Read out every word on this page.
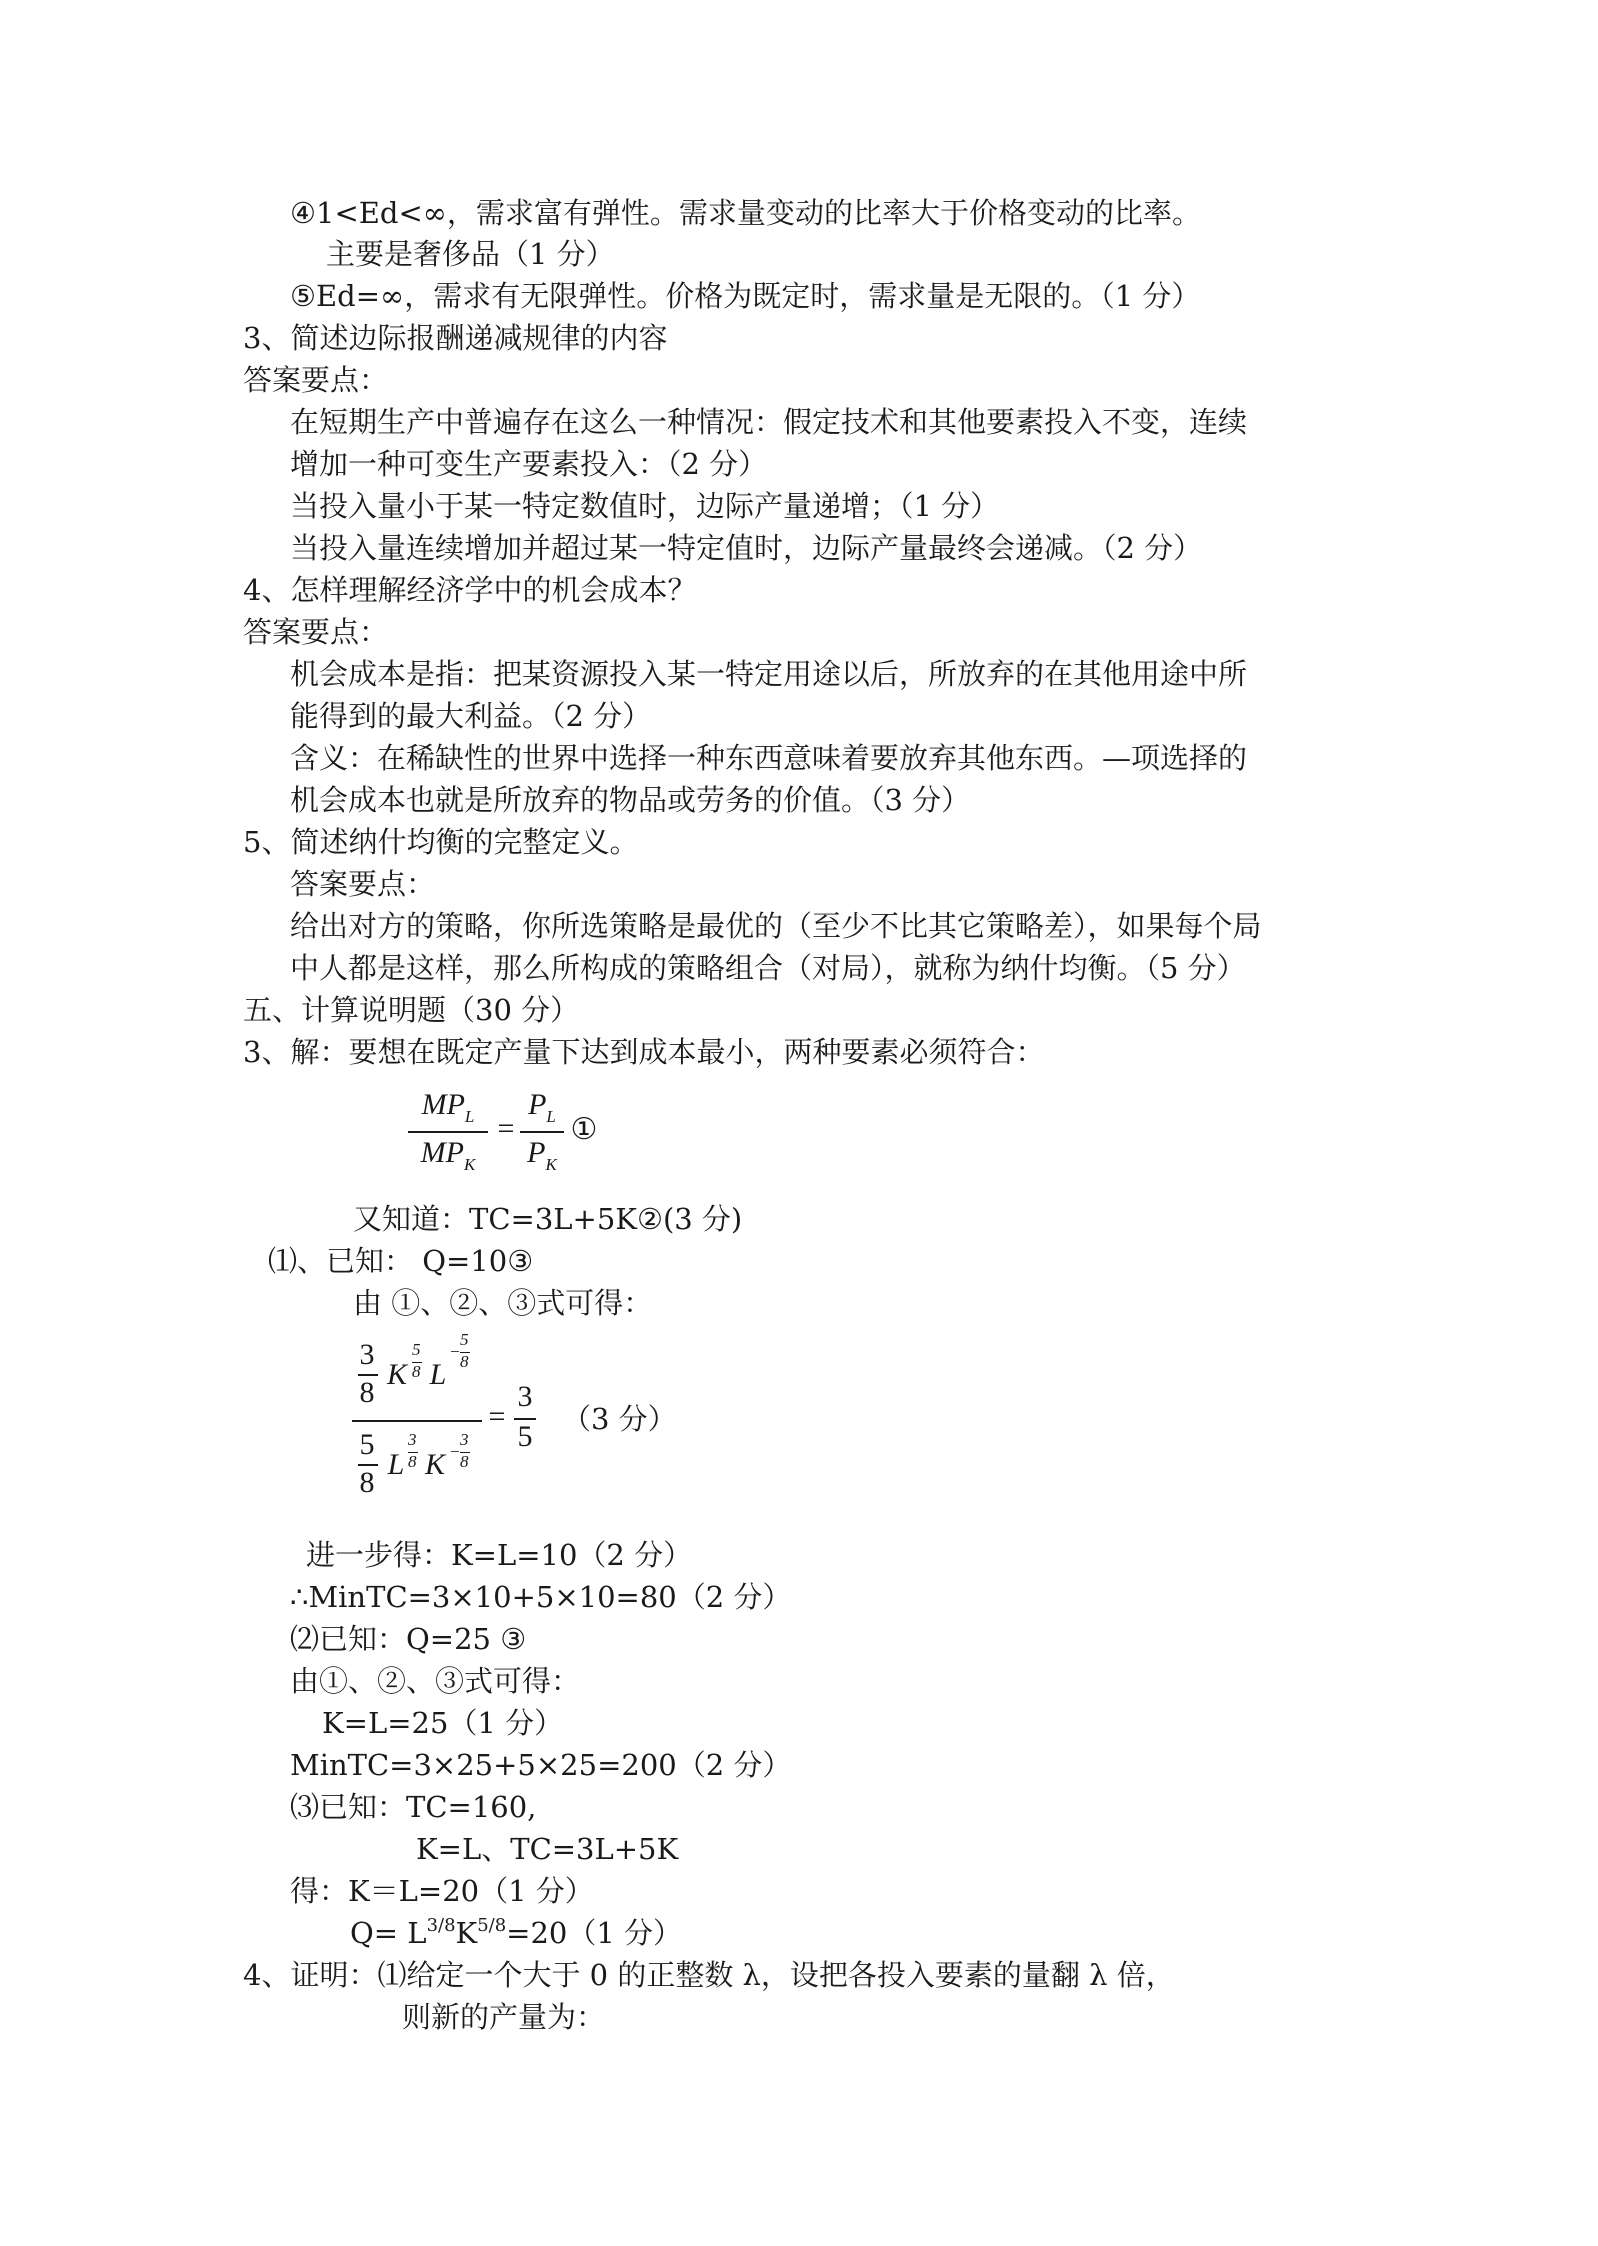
④1<Ed<∞，需求富有弹性。需求量变动的比率大于价格变动的比率。
主要是奢侈品（1 分）
⑤Ed=∞，需求有无限弹性。价格为既定时，需求量是无限的。（1 分）
3、简述边际报酬递减规律的内容
答案要点：
在短期生产中普遍存在这么一种情况：假定技术和其他要素投入不变，连续
增加一种可变生产要素投入：（2 分）
当投入量小于某一特定数值时，边际产量递增；（1 分）
当投入量连续增加并超过某一特定值时，边际产量最终会递减。（2 分）
4、怎样理解经济学中的机会成本？
答案要点：
机会成本是指：把某资源投入某一特定用途以后，所放弃的在其他用途中所
能得到的最大利益。（2 分）
含义：在稀缺性的世界中选择一种东西意味着要放弃其他东西。—项选择的
机会成本也就是所放弃的物品或劳务的价值。（3 分）
5、简述纳什均衡的完整定义。
答案要点：
给出对方的策略，你所选策略是最优的（至少不比其它策略差），如果每个局
中人都是这样，那么所构成的策略组合（对局），就称为纳什均衡。（5 分）
五、计算说明题（30 分）
3、解：要想在既定产量下达到成本最小，两种要素必须符合：
$MP_L$
$MP_K$
=
$P_L$
$P_K$
①
又知道：TC=3L+5K②(3 分)
⑴、已知： Q=10③
由 ①、②、③式可得：
3
8
K
5
8 L
−
5
8
5
8
L
3
8 K −
3
8
=
3
5
（3 分）
进一步得：K=L=10（2 分）
∴MinTC=3×10+5×10=80（2 分）
⑵已知：Q=25 ③
由①、②、③式可得：
K=L=25（1 分）
MinTC=3×25+5×25=200（2 分）
⑶已知：TC=160,
K=L、TC=3L+5K
得：K＝L=20（1 分）
$Q= L^{3/8}K^{5/8}=20(1$ 分）
4、证明：⑴给定一个大于 0 的正整数 λ，设把各投入要素的量翻 λ 倍，
则新的产量为：
